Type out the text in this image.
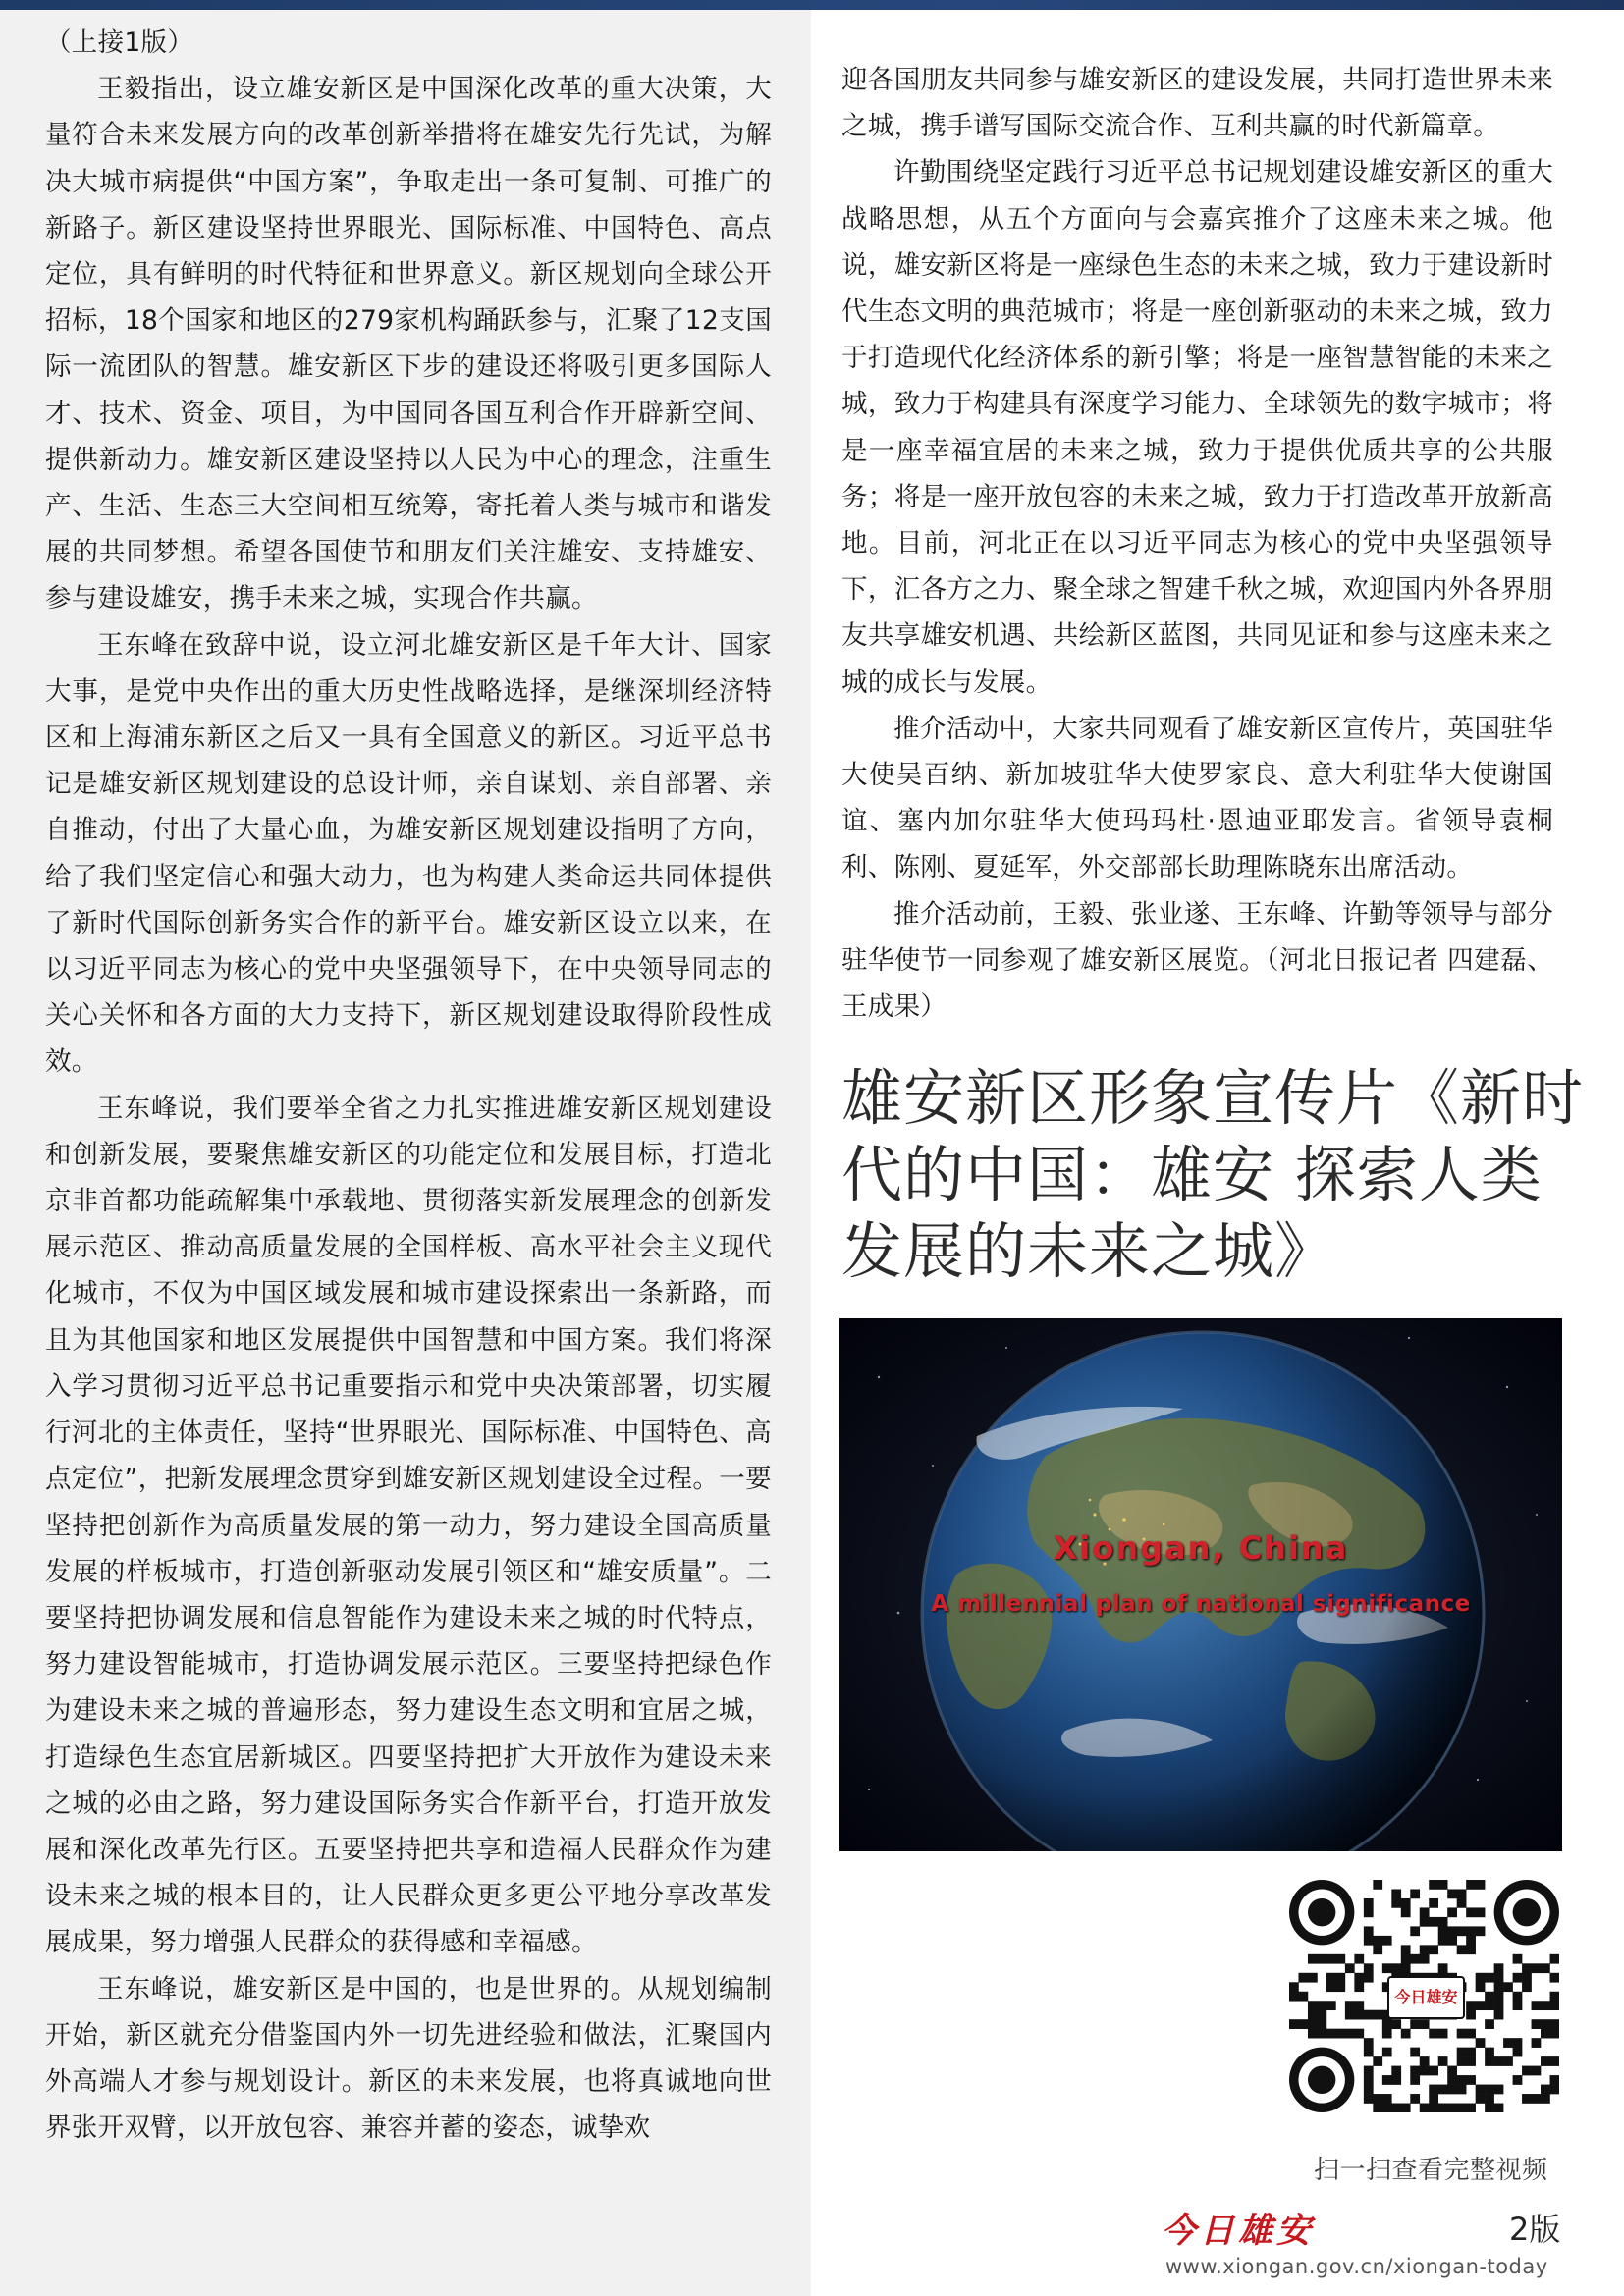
（上接1版）

王毅指出，设立雄安新区是中国深化改革的重大决策，大量符合未来发展方向的改革创新举措将在雄安先行先试，为解决大城市病提供“中国方案”，争取走出一条可复制、可推广的新路子。新区建设坚持世界眼光、国际标准、中国特色、高点定位，具有鲜明的时代特征和世界意义。新区规划向全球公开招标，18个国家和地区的279家机构踊跃参与，汇聚了12支国际一流团队的智慧。雄安新区下步的建设还将吸引更多国际人才、技术、资金、项目，为中国同各国互利合作开辟新空间、提供新动力。雄安新区建设坚持以人民为中心的理念，注重生产、生活、生态三大空间相互统筹，寄托着人类与城市和谐发展的共同梦想。希望各国使节和朋友们关注雄安、支持雄安、参与建设雄安，携手未来之城，实现合作共赢。

王东峰在致辞中说，设立河北雄安新区是千年大计、国家大事，是党中央作出的重大历史性战略选择，是继深圳经济特区和上海浦东新区之后又一具有全国意义的新区。习近平总书记是雄安新区规划建设的总设计师，亲自谋划、亲自部署、亲自推动，付出了大量心血，为雄安新区规划建设指明了方向，给了我们坚定信心和强大动力，也为构建人类命运共同体提供了新时代国际创新务实合作的新平台。雄安新区设立以来，在以习近平同志为核心的党中央坚强领导下，在中央领导同志的关心关怀和各方面的大力支持下，新区规划建设取得阶段性成效。

王东峰说，我们要举全省之力扎实推进雄安新区规划建设和创新发展，要聚焦雄安新区的功能定位和发展目标，打造北京非首都功能疏解集中承载地、贯彻落实新发展理念的创新发展示范区、推动高质量发展的全国样板、高水平社会主义现代化城市，不仅为中国区域发展和城市建设探索出一条新路，而且为其他国家和地区发展提供中国智慧和中国方案。我们将深入学习贯彻习近平总书记重要指示和党中央决策部署，切实履行河北的主体责任，坚持“世界眼光、国际标准、中国特色、高点定位”，把新发展理念贯穿到雄安新区规划建设全过程。一要坚持把创新作为高质量发展的第一动力，努力建设全国高质量发展的样板城市，打造创新驱动发展引领区和“雄安质量”。二要坚持把协调发展和信息智能作为建设未来之城的时代特点，努力建设智能城市，打造协调发展示范区。三要坚持把绿色作为建设未来之城的普遍形态，努力建设生态文明和宜居之城，打造绿色生态宜居新城区。四要坚持把扩大开放作为建设未来之城的必由之路，努力建设国际务实合作新平台，打造开放发展和深化改革先行区。五要坚持把共享和造福人民群众作为建设未来之城的根本目的，让人民群众更多更公平地分享改革发展成果，努力增强人民群众的获得感和幸福感。

王东峰说，雄安新区是中国的，也是世界的。从规划编制开始，新区就充分借鉴国内外一切先进经验和做法，汇聚国内外高端人才参与规划设计。新区的未来发展，也将真诚地向世界张开双臂，以开放包容、兼容并蓄的姿态，诚挚欢

迎各国朋友共同参与雄安新区的建设发展，共同打造世界未来之城，携手谱写国际交流合作、互利共赢的时代新篇章。

许勤围绕坚定践行习近平总书记规划建设雄安新区的重大战略思想，从五个方面向与会嘉宾推介了这座未来之城。他说，雄安新区将是一座绿色生态的未来之城，致力于建设新时代生态文明的典范城市；将是一座创新驱动的未来之城，致力于打造现代化经济体系的新引擎；将是一座智慧智能的未来之城，致力于构建具有深度学习能力、全球领先的数字城市；将是一座幸福宜居的未来之城，致力于提供优质共享的公共服务；将是一座开放包容的未来之城，致力于打造改革开放新高地。目前，河北正在以习近平同志为核心的党中央坚强领导下，汇各方之力、聚全球之智建千秋之城，欢迎国内外各界朋友共享雄安机遇、共绘新区蓝图，共同见证和参与这座未来之城的成长与发展。

推介活动中，大家共同观看了雄安新区宣传片，英国驻华大使吴百纳、新加坡驻华大使罗家良、意大利驻华大使谢国谊、塞内加尔驻华大使玛玛杜·恩迪亚耶发言。省领导袁桐利、陈刚、夏延军，外交部部长助理陈晓东出席活动。

推介活动前，王毅、张业遂、王东峰、许勤等领导与部分驻华使节一同参观了雄安新区展览。（河北日报记者 四建磊、王成果）

雄安新区形象宣传片《新时代的中国：雄安 探索人类发展的未来之城》
Xiongan, China
A millennial plan of national significance
今日雄安
扫一扫查看完整视频
今日雄安	2版
www.xiongan.gov.cn/xiongan-today
